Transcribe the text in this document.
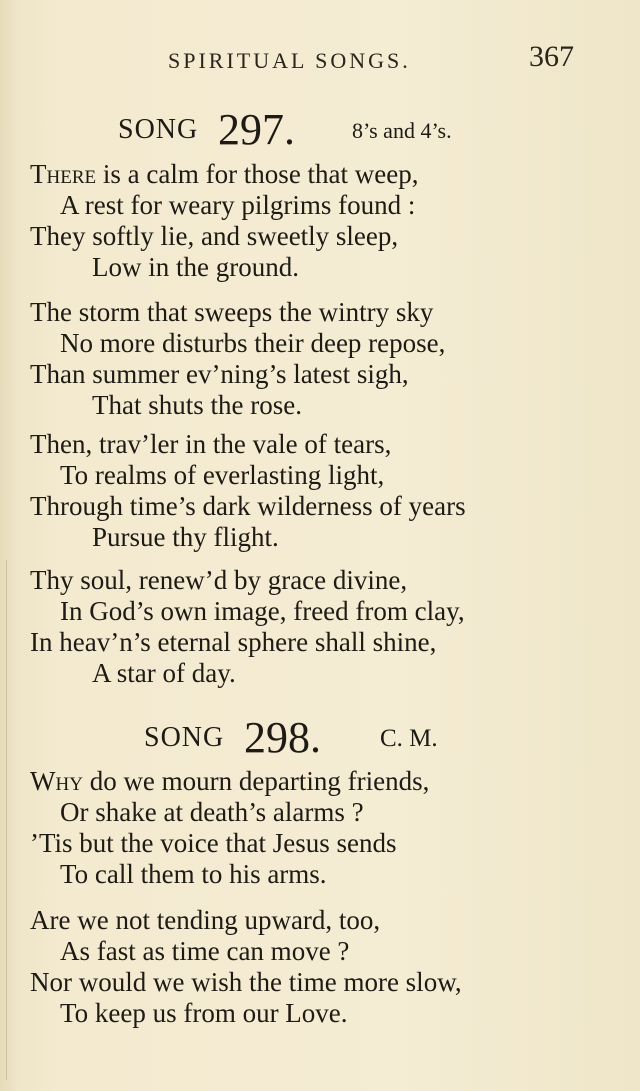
SPIRITUAL SONGS.	367
SONG 297.	8’s and 4’s.
There is a calm for those that weep,
A rest for weary pilgrims found :
They softly lie, and sweetly sleep,
Low in the ground.
The storm that sweeps the wintry sky
No more disturbs their deep repose,
Than summer ev’ning’s latest sigh,
That shuts the rose.
Then, trav’ler in the vale of tears,
To realms of everlasting light,
Through time’s dark wilderness of years
Pursue thy flight.
Thy soul, renew’d by grace divine,
In God’s own image, freed from clay,
In heav’n’s eternal sphere shall shine,
A star of day.
SONG 298. C. M.
Why do we mourn departing friends,
Or shake at death’s alarms ?
’Tis but the voice that Jesus sends
To call them to his arms.
Are we not tending upward, too,
As fast as time can move ?
Nor would we wish the time more slow,
To keep us from our Love.
